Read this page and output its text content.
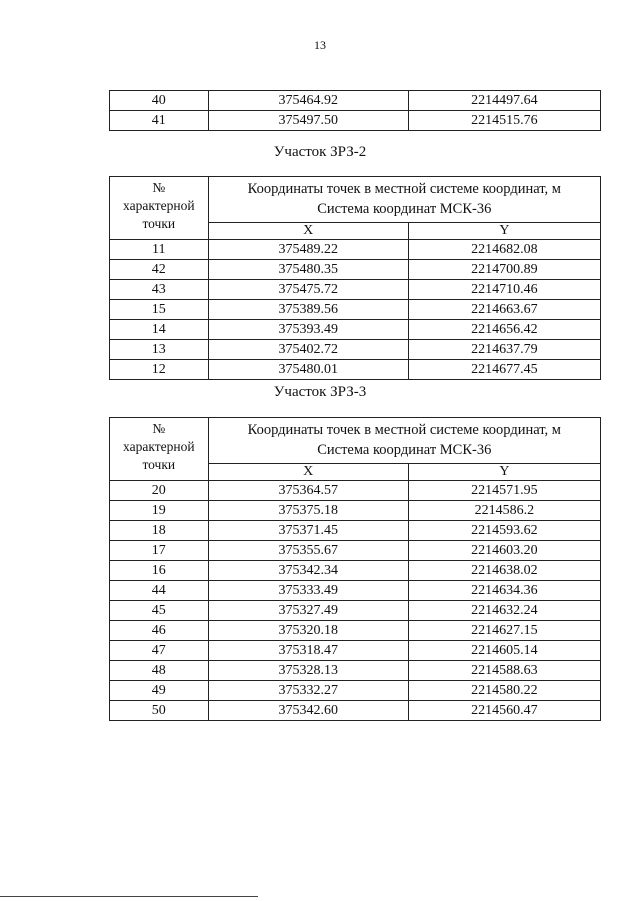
13
40	375464.92	2214497.64
41	375497.50	2214515.76
Участок ЗРЗ-2
№
характерной
точки	Координаты точек в местной системе координат, м
Система координат МСК-36	
	X	Y
11	375489.22	2214682.08
42	375480.35	2214700.89
43	375475.72	2214710.46
15	375389.56	2214663.67
14	375393.49	2214656.42
13	375402.72	2214637.79
12	375480.01	2214677.45
Участок ЗРЗ-3
№
характерной
точки	Координаты точек в местной системе координат, м
Система координат МСК-36	
	X	Y
20	375364.57	2214571.95
19	375375.18	2214586.2
18	375371.45	2214593.62
17	375355.67	2214603.20
16	375342.34	2214638.02
44	375333.49	2214634.36
45	375327.49	2214632.24
46	375320.18	2214627.15
47	375318.47	2214605.14
48	375328.13	2214588.63
49	375332.27	2214580.22
50	375342.60	2214560.47
